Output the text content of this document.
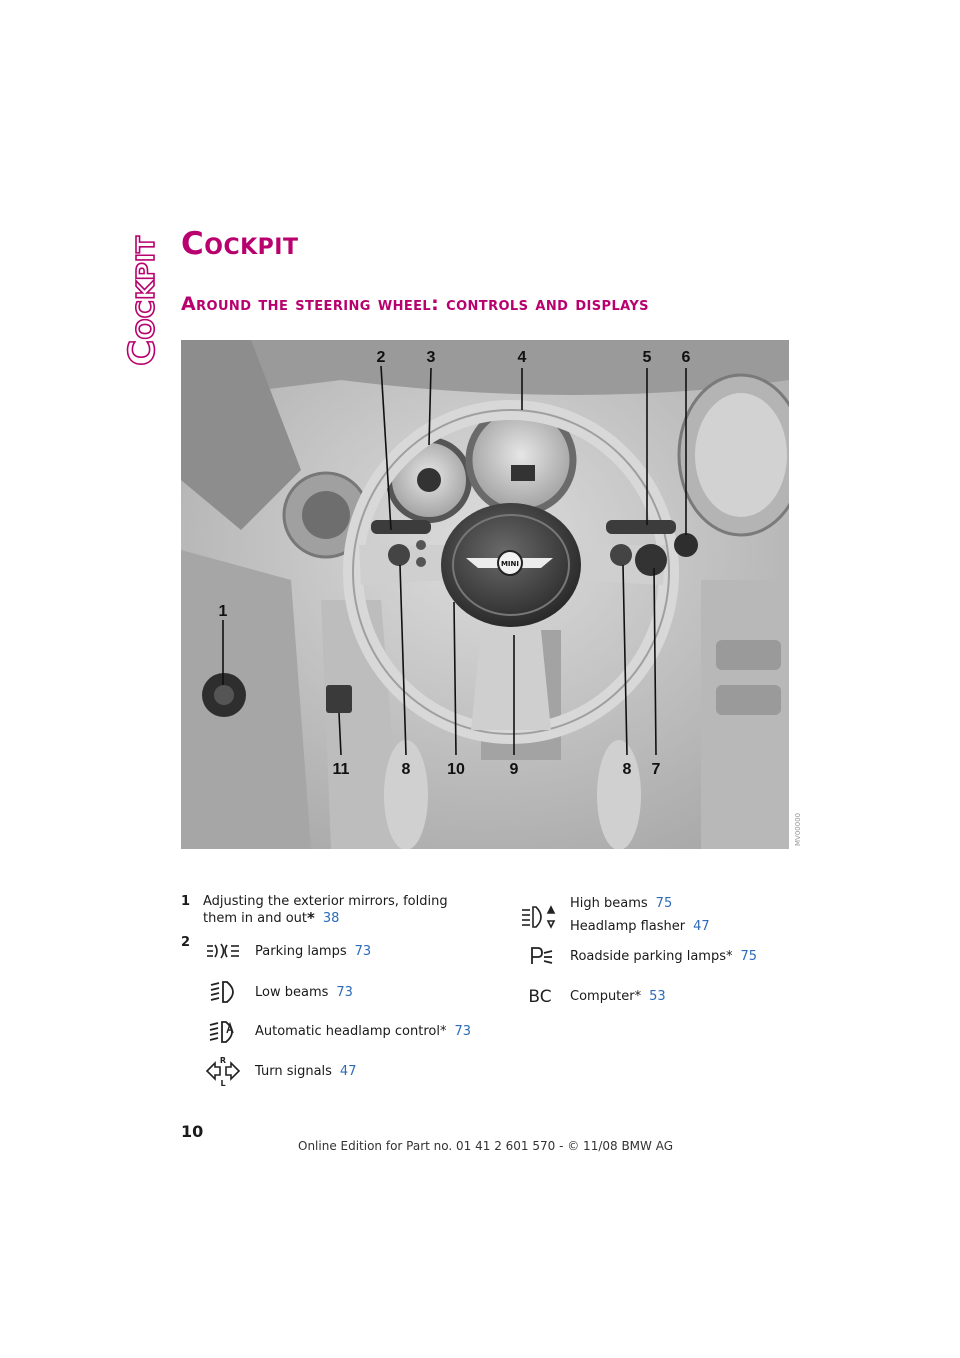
Cockpit Cockpit
Around the steering wheel: controls and displays
MINI
1
2	3	4	5 6
7
8
8	9
10
11
MV00000
1 Adjusting the exterior mirrors, folding them in and out* 38
2
Parking lamps 73
Low beams 73
Automatic headlamp control* 73
R
L
Turn signals 47
High beams 75
Headlamp flasher 47
Roadside parking lamps* 75
BC Computer* 53
10
Online Edition for Part no. 01 41 2 601 570 - © 11/08 BMW AG
